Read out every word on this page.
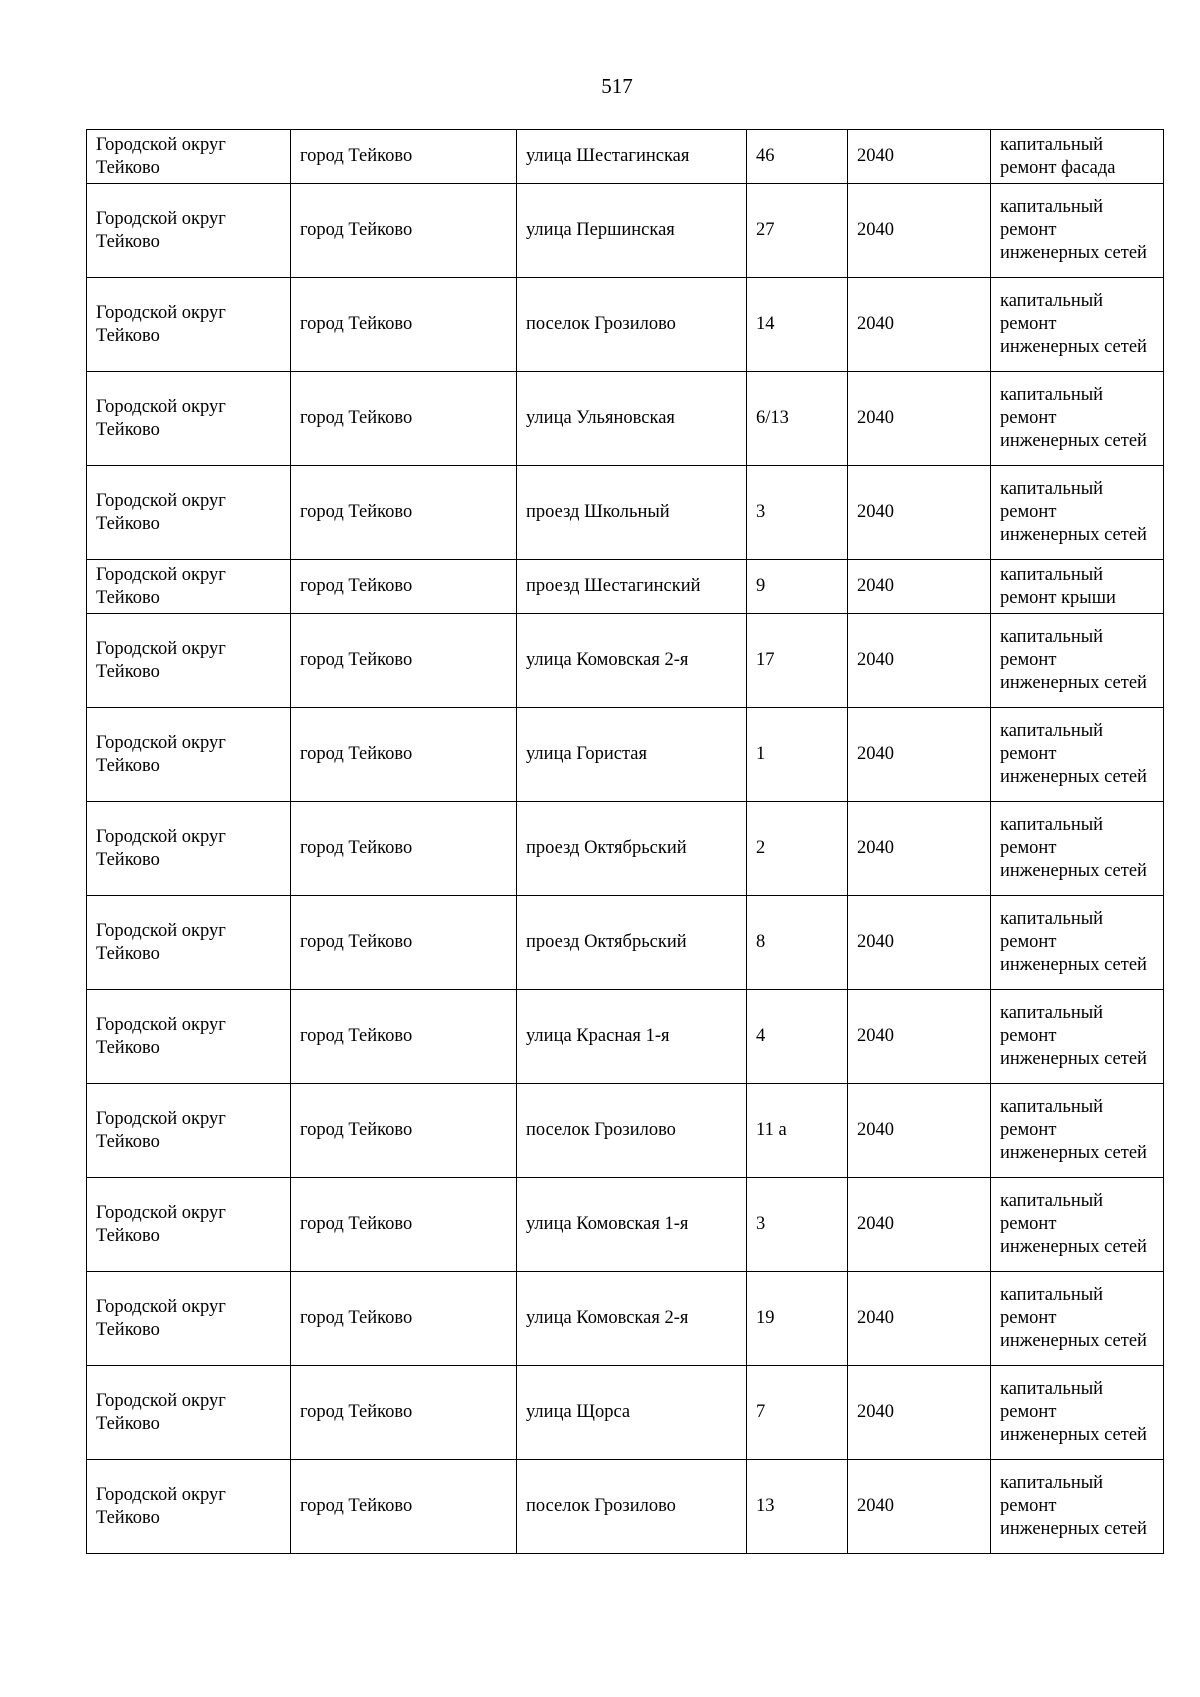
517
Городской округ Тейково	город Тейково	улица Шестагинская	46	2040	капитальный ремонт фасада

Городской округ Тейково	город Тейково	улица Першинская	27	2040	капитальный ремонт инженерных сетей

Городской округ Тейково	город Тейково	поселок Грозилово	14	2040	капитальный ремонт инженерных сетей

Городской округ Тейково	город Тейково	улица Ульяновская	6/13	2040	капитальный ремонт инженерных сетей

Городской округ Тейково	город Тейково	проезд Школьный	3	2040	капитальный ремонт инженерных сетей

Городской округ Тейково	город Тейково	проезд Шестагинский	9	2040	капитальный ремонт крыши

Городской округ Тейково	город Тейково	улица Комовская 2-я	17	2040	капитальный ремонт инженерных сетей

Городской округ Тейково	город Тейково	улица Гористая	1	2040	капитальный ремонт инженерных сетей

Городской округ Тейково	город Тейково	проезд Октябрьский	2	2040	капитальный ремонт инженерных сетей

Городской округ Тейково	город Тейково	проезд Октябрьский	8	2040	капитальный ремонт инженерных сетей

Городской округ Тейково	город Тейково	улица Красная 1-я	4	2040	капитальный ремонт инженерных сетей

Городской округ Тейково	город Тейково	поселок Грозилово	11 а	2040	капитальный ремонт инженерных сетей

Городской округ Тейково	город Тейково	улица Комовская 1-я	3	2040	капитальный ремонт инженерных сетей

Городской округ Тейково	город Тейково	улица Комовская 2-я	19	2040	капитальный ремонт инженерных сетей

Городской округ Тейково	город Тейково	улица Щорса	7	2040	капитальный ремонт инженерных сетей

Городской округ Тейково	город Тейково	поселок Грозилово	13	2040	капитальный ремонт инженерных сетей
